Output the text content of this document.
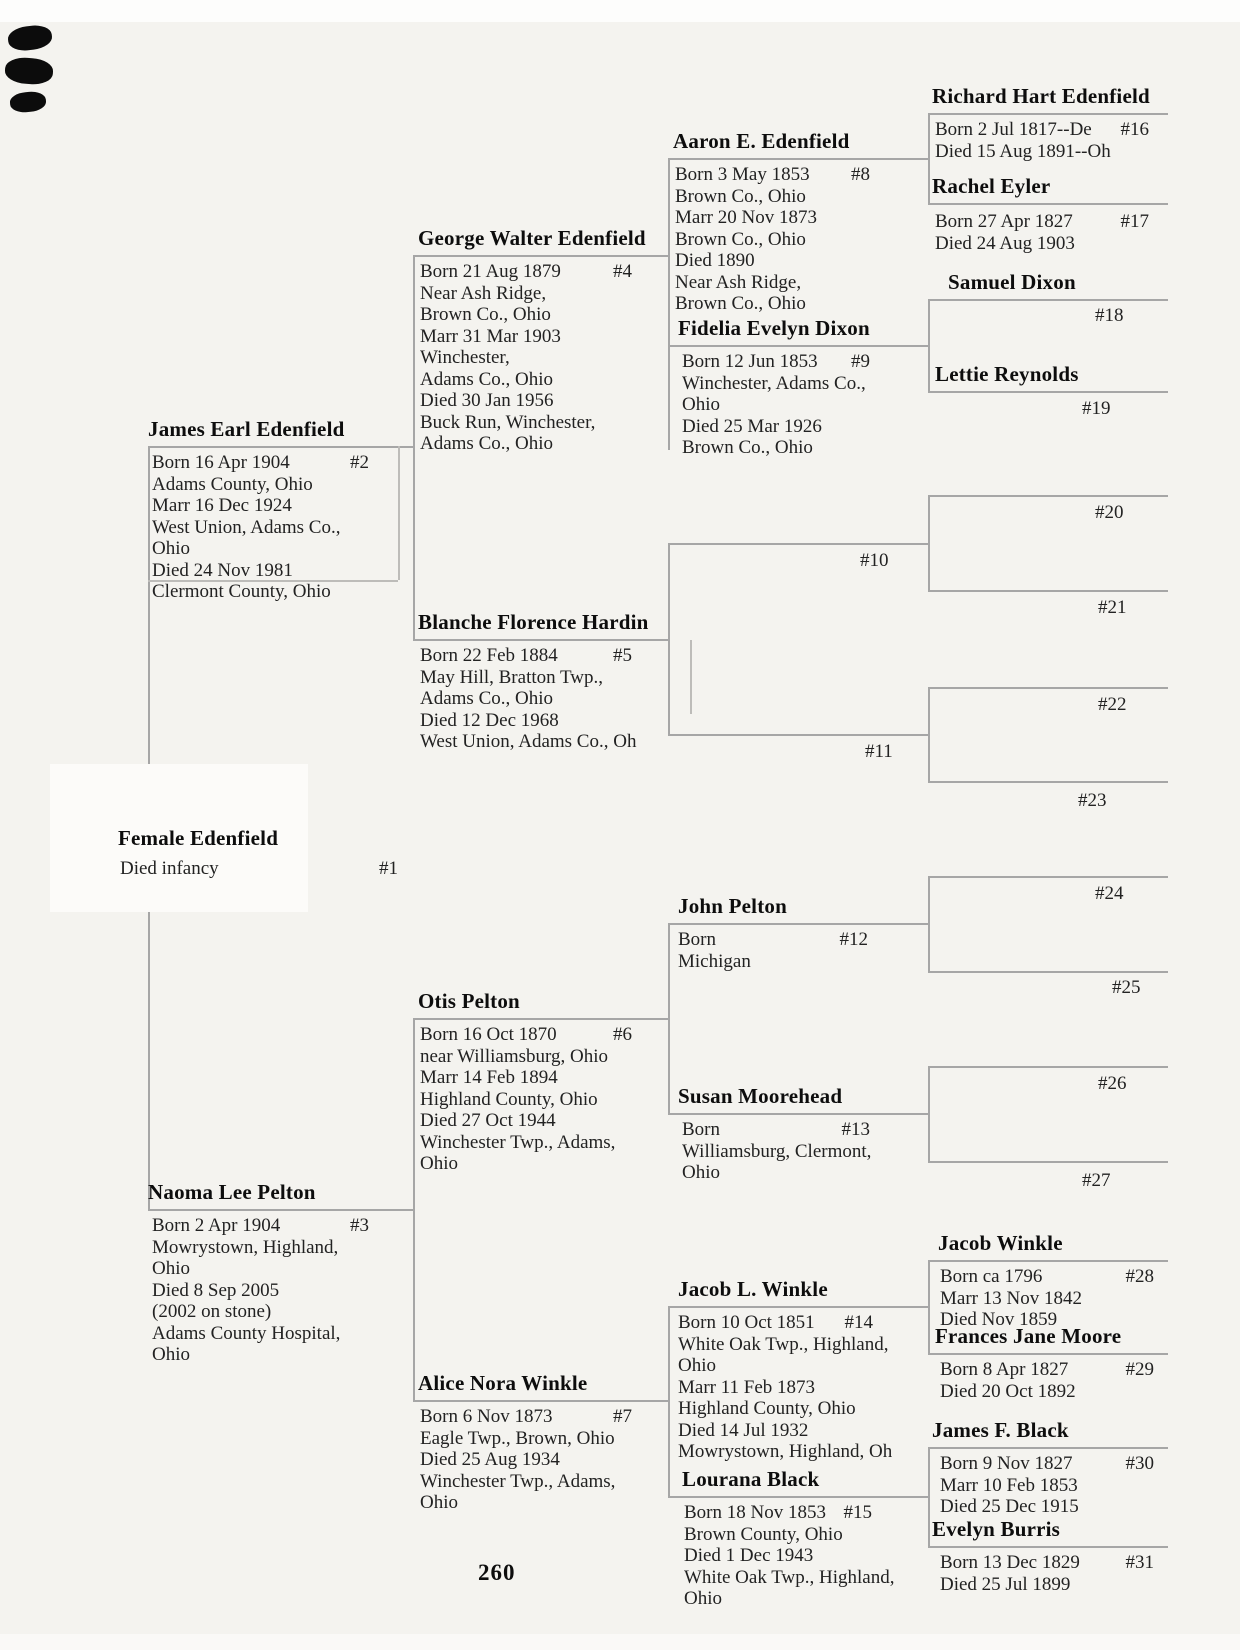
Female Edenfield
Died infancy	#1
James Earl Edenfield
Born 16 Apr 1904	#2
Adams County, Ohio
Marr 16 Dec 1924
West Union, Adams Co.,
Ohio
Died 24 Nov 1981
Clermont County, Ohio
Naoma Lee Pelton
Born 2 Apr 1904	#3
Mowrystown, Highland,
Ohio
Died 8 Sep 2005
(2002 on stone)
Adams County Hospital,
Ohio
George Walter Edenfield
Born 21 Aug 1879	#4
Near Ash Ridge,
Brown Co., Ohio
Marr 31 Mar 1903
Winchester,
Adams Co., Ohio
Died 30 Jan 1956
Buck Run, Winchester,
Adams Co., Ohio
Blanche Florence Hardin
Born 22 Feb 1884	#5
May Hill, Bratton Twp.,
Adams Co., Ohio
Died 12 Dec 1968
West Union, Adams Co., Oh
Otis Pelton
Born 16 Oct 1870	#6
near Williamsburg, Ohio
Marr 14 Feb 1894
Highland County, Ohio
Died 27 Oct 1944
Winchester Twp., Adams,
Ohio
Alice Nora Winkle
Born 6 Nov 1873	#7
Eagle Twp., Brown, Ohio
Died 25 Aug 1934
Winchester Twp., Adams,
Ohio
Aaron E. Edenfield
Born 3 May 1853 #8
Brown Co., Ohio
Marr 20 Nov 1873
Brown Co., Ohio
Died 1890
Near Ash Ridge,
Brown Co., Ohio
Fidelia Evelyn Dixon
Born 12 Jun 1853 #9
Winchester, Adams Co.,
Ohio
Died 25 Mar 1926
Brown Co., Ohio
#10
#11
John Pelton
Born	#12
Michigan
Susan Moorehead
Born	#13
Williamsburg, Clermont,
Ohio
Jacob L. Winkle
Born 10 Oct 1851 #14
White Oak Twp., Highland,
Ohio
Marr 11 Feb 1873
Highland County, Ohio
Died 14 Jul 1932
Mowrystown, Highland, Oh
Lourana Black
Born 18 Nov 1853 #15
Brown County, Ohio
Died 1 Dec 1943
White Oak Twp., Highland,
Ohio
Richard Hart Edenfield
Born 2 Jul 1817--De #16
Died 15 Aug 1891--Oh
Rachel Eyler
Born 27 Apr 1827	#17
Died 24 Aug 1903
Samuel Dixon
#18
Lettie Reynolds
#19
#20
#21
#22
#23
#24
#25
#26
#27
Jacob Winkle
Born ca 1796	#28
Marr 13 Nov 1842
Died Nov 1859
Frances Jane Moore
Born 8 Apr 1827	#29
Died 20 Oct 1892
James F. Black
Born 9 Nov 1827	#30
Marr 10 Feb 1853
Died 25 Dec 1915
Evelyn Burris
Born 13 Dec 1829 #31
Died 25 Jul 1899
260
